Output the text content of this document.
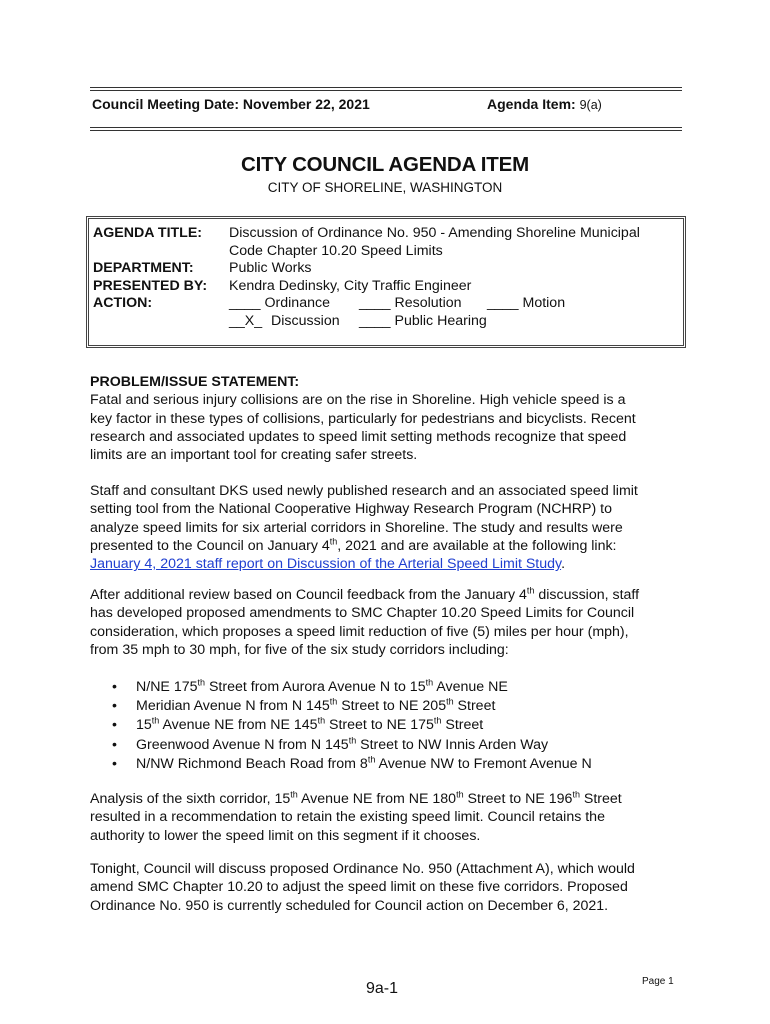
Council Meeting Date: November 22, 2021	Agenda Item: 9(a)
CITY COUNCIL AGENDA ITEM
CITY OF SHORELINE, WASHINGTON
AGENDA TITLE: Discussion of Ordinance No. 950 - Amending Shoreline Municipal
Code Chapter 10.20 Speed Limits
DEPARTMENT: Public Works
PRESENTED BY: Kendra Dedinsky, City Traffic Engineer
ACTION:	____ Ordinance ____ Resolution ____ Motion
__X_ Discussion ____ Public Hearing
PROBLEM/ISSUE STATEMENT:
Fatal and serious injury collisions are on the rise in Shoreline. High vehicle speed is a
key factor in these types of collisions, particularly for pedestrians and bicyclists. Recent
research and associated updates to speed limit setting methods recognize that speed
limits are an important tool for creating safer streets.
Staff and consultant DKS used newly published research and an associated speed limit
setting tool from the National Cooperative Highway Research Program (NCHRP) to
analyze speed limits for six arterial corridors in Shoreline. The study and results were
presented to the Council on January 4th, 2021 and are available at the following link:
January 4, 2021 staff report on Discussion of the Arterial Speed Limit Study.
After additional review based on Council feedback from the January 4th discussion, staff
has developed proposed amendments to SMC Chapter 10.20 Speed Limits for Council
consideration, which proposes a speed limit reduction of five (5) miles per hour (mph),
from 35 mph to 30 mph, for five of the six study corridors including:
• N/NE 175th Street from Aurora Avenue N to 15th Avenue NE
• Meridian Avenue N from N 145th Street to NE 205th Street
• 15th Avenue NE from NE 145th Street to NE 175th Street
• Greenwood Avenue N from N 145th Street to NW Innis Arden Way
• N/NW Richmond Beach Road from 8th Avenue NW to Fremont Avenue N
Analysis of the sixth corridor, 15th Avenue NE from NE 180th Street to NE 196th Street
resulted in a recommendation to retain the existing speed limit. Council retains the
authority to lower the speed limit on this segment if it chooses.
Tonight, Council will discuss proposed Ordinance No. 950 (Attachment A), which would
amend SMC Chapter 10.20 to adjust the speed limit on these five corridors. Proposed
Ordinance No. 950 is currently scheduled for Council action on December 6, 2021.
9a-1	Page 1
